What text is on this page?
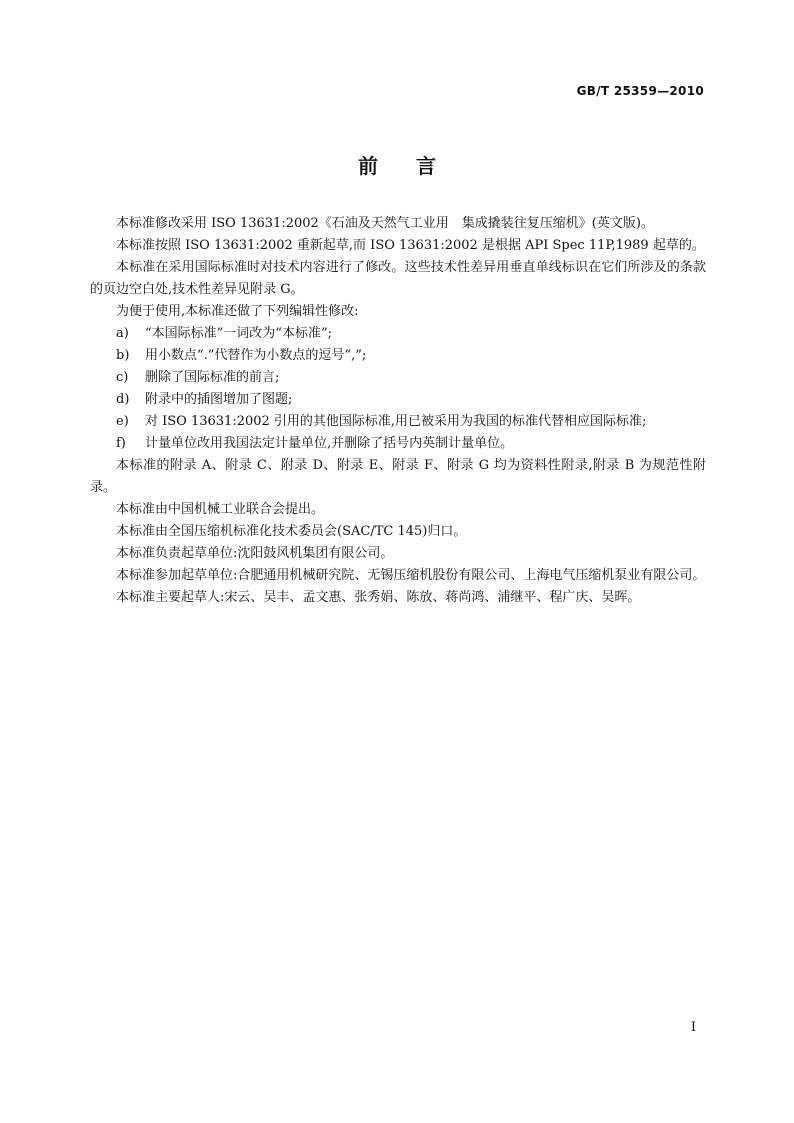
GB/T 25359—2010
前言

本标准修改采用 ISO 13631:2002《石油及天然气工业用　集成撬装往复压缩机》(英文版)。

本标准按照 ISO 13631:2002 重新起草,而 ISO 13631:2002 是根据 API Spec 11P,1989 起草的。

本标准在采用国际标准时对技术内容进行了修改。这些技术性差异用垂直单线标识在它们所涉及的条款的页边空白处,技术性差异见附录 G。

为便于使用,本标准还做了下列编辑性修改:

a)	“本国际标准”一词改为“本标准”;
b)	用小数点“.”代替作为小数点的逗号“,”;
c)	删除了国际标准的前言;
d)	附录中的插图增加了图题;
e)	对 ISO 13631:2002 引用的其他国际标准,用已被采用为我国的标准代替相应国际标准;
f)	计量单位改用我国法定计量单位,并删除了括号内英制计量单位。

本标准的附录 A、附录 C、附录 D、附录 E、附录 F、附录 G 均为资料性附录,附录 B 为规范性附录。

本标准由中国机械工业联合会提出。

本标准由全国压缩机标准化技术委员会(SAC/TC 145)归口。

本标准负责起草单位:沈阳鼓风机集团有限公司。

本标准参加起草单位:合肥通用机械研究院、无锡压缩机股份有限公司、上海电气压缩机泵业有限公司。

本标准主要起草人:宋云、吴丰、孟文惠、张秀娟、陈放、蒋尚鸿、浦继平、程广庆、吴晖。

I
